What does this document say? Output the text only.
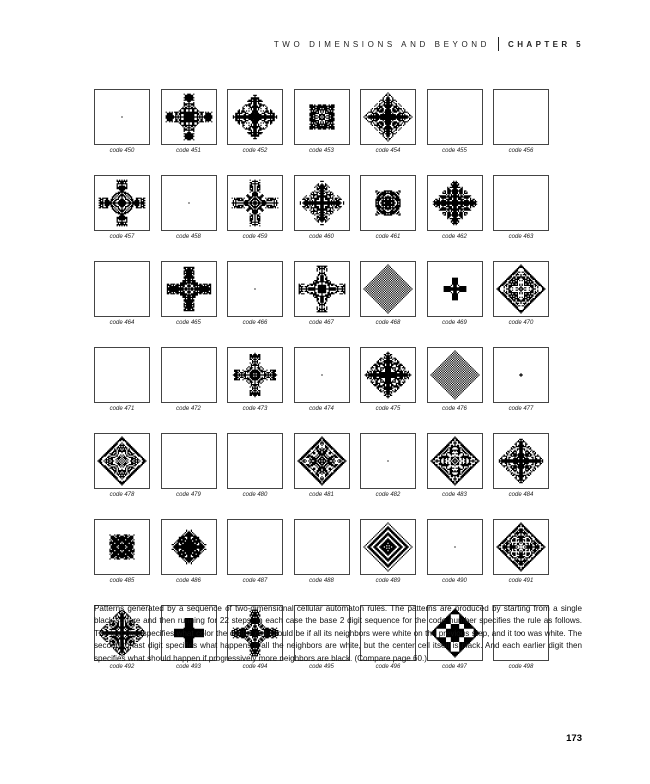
TWO DIMENSIONS AND BEYOND CHAPTER 5
code 450	code 451	code 452	code 453	code 454	code 455	code 456
code 457	code 458	code 459	code 460	code 461	code 462	code 463
code 464	code 465	code 466	code 467	code 468	code 469	code 470
code 471	code 472	code 473	code 474	code 475	code 476	code 477
code 478	code 479	code 480	code 481	code 482	code 483	code 484
code 485	code 486	code 487	code 488	code 489	code 490	code 491
code 492	code 493	code 494	code 495	code 496	code 497	code 498

Patterns generated by a sequence of two-dimensional cellular automaton rules. The patterns are produced by starting from a single black square and then running for 22 steps. In each case the base 2 digit sequence for the code number specifies the rule as follows. The last digit specifies what color the center cell should be if all its neighbors were white on the previous step, and it too was white. The second-to-last digit specifies what happens if all the neighbors are white, but the center cell itself is black. And each earlier digit then specifies what should happen if progressively more neighbors are black. (Compare page 60.)

173
